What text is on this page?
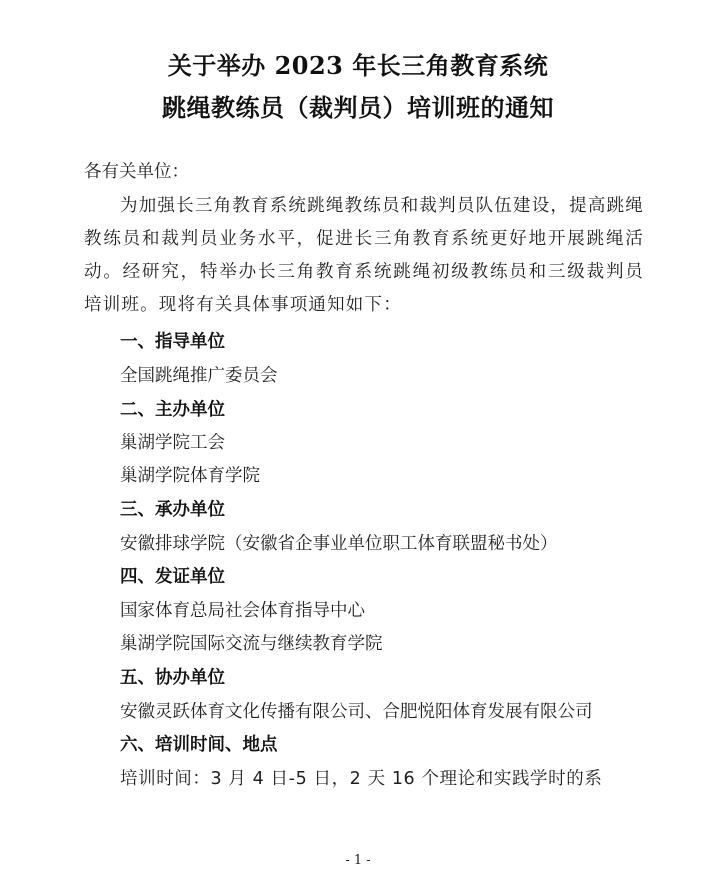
关于举办 2023 年长三角教育系统
跳绳教练员（裁判员）培训班的通知
各有关单位：
为加强长三角教育系统跳绳教练员和裁判员队伍建设，提高跳绳教练员和裁判员业务水平，促进长三角教育系统更好地开展跳绳活动。经研究，特举办长三角教育系统跳绳初级教练员和三级裁判员培训班。现将有关具体事项通知如下：
一、指导单位
全国跳绳推广委员会
二、主办单位
巢湖学院工会
巢湖学院体育学院
三、承办单位
安徽排球学院（安徽省企事业单位职工体育联盟秘书处）
四、发证单位
国家体育总局社会体育指导中心
巢湖学院国际交流与继续教育学院
五、协办单位
安徽灵跃体育文化传播有限公司、合肥悦阳体育发展有限公司
六、培训时间、地点
培训时间：3 月 4 日-5 日，2 天 16 个理论和实践学时的系
- 1 -
